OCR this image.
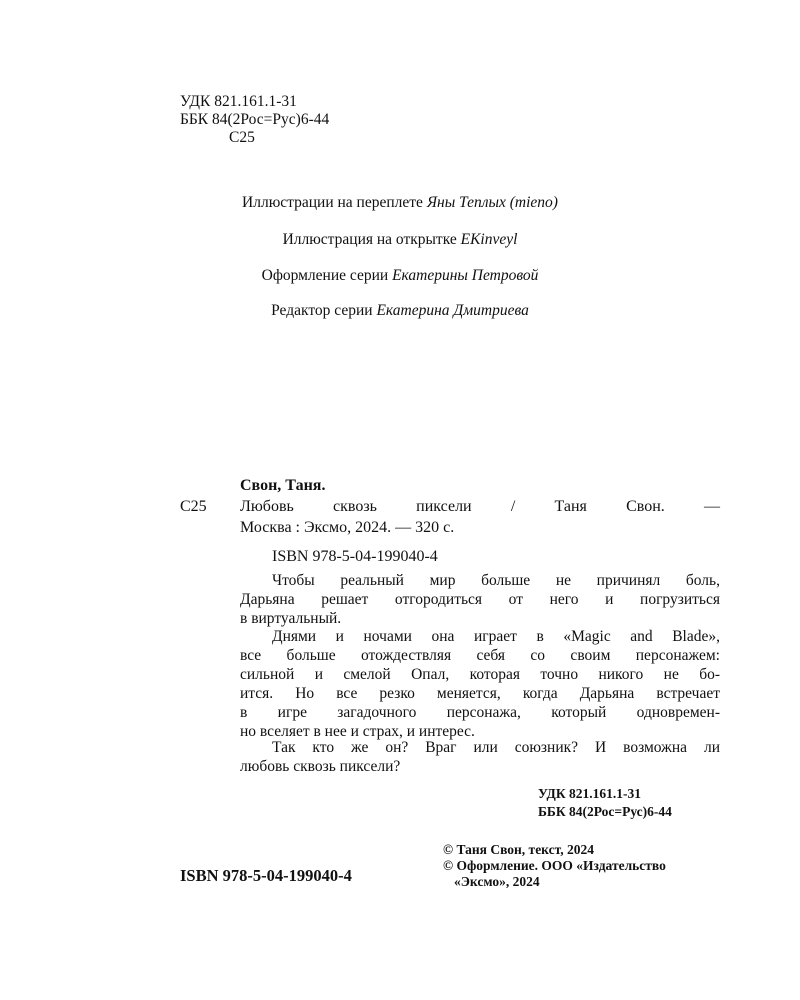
УДК 821.161.1-31
ББК 84(2Рос=Рус)6-44
С25
Иллюстрации на переплете Яны Теплых (mieno)
Иллюстрация на открытке EKinveyl
Оформление серии Екатерины Петровой
Редактор серии Екатерина Дмитриева
Свон, Таня.
С25 Любовь сквозь пиксели / Таня Свон. —
Москва : Эксмо, 2024. — 320 с.
ISBN 978-5-04-199040-4
Чтобы реальный мир больше не причинял боль,
Дарьяна решает отгородиться от него и погрузиться
в виртуальный.
Днями и ночами она играет в «Magic and Blade»,
все больше отождествляя себя со своим персонажем:
сильной и смелой Опал, которая точно никого не бо-
ится. Но все резко меняется, когда Дарьяна встречает
в игре загадочного персонажа, который одновремен-
но вселяет в нее и страх, и интерес.
Так кто же он? Враг или союзник? И возможна ли
любовь сквозь пиксели?
УДК 821.161.1-31
ББК 84(2Рос=Рус)6-44
ISBN 978-5-04-199040-4
© Таня Свон, текст, 2024
© Оформление. ООО «Издательство
«Эксмо», 2024
